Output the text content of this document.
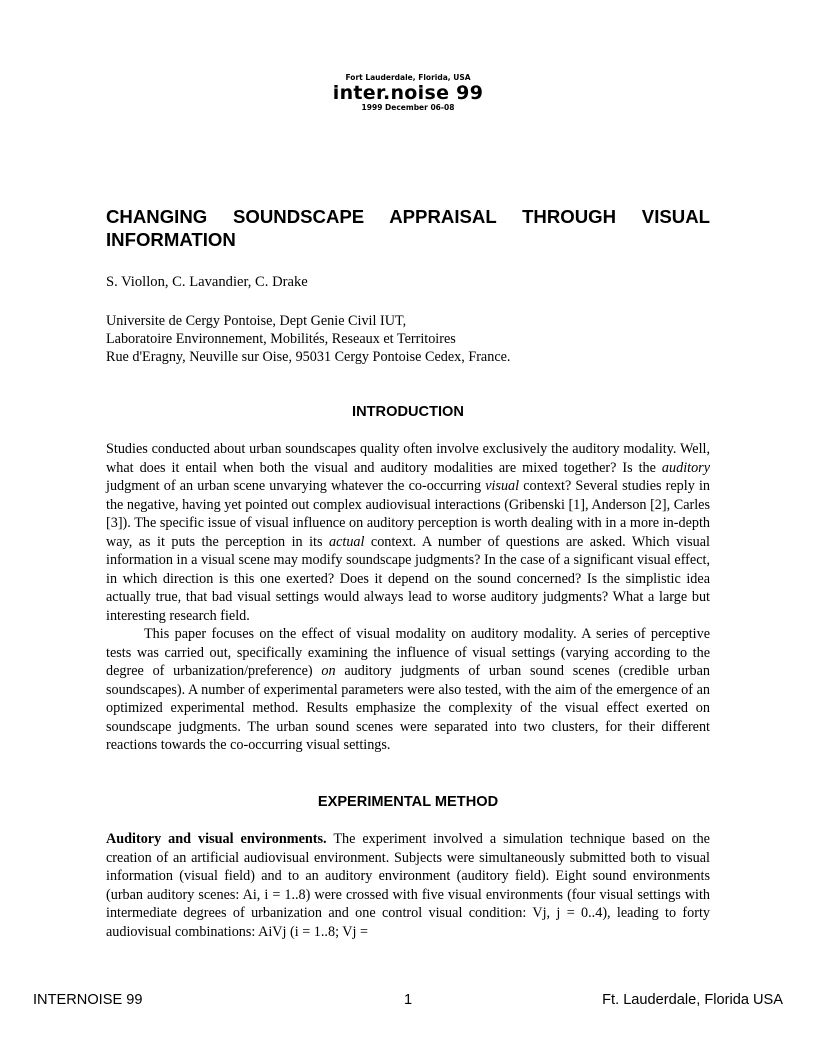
Fort Lauderdale, Florida, USA
inter.noise 99
1999 December 06-08
CHANGING SOUNDSCAPE APPRAISAL THROUGH VISUAL INFORMATION

S. Viollon, C. Lavandier, C. Drake

Universite de Cergy Pontoise, Dept Genie Civil IUT,
Laboratoire Environnement, Mobilités, Reseaux et Territoires
Rue d'Eragny, Neuville sur Oise, 95031 Cergy Pontoise Cedex, France.
INTRODUCTION

Studies conducted about urban soundscapes quality often involve exclusively the auditory modality. Well, what does it entail when both the visual and auditory modalities are mixed together? Is the auditory judgment of an urban scene unvarying whatever the co-occurring visual context? Several studies reply in the negative, having yet pointed out complex audiovisual interactions (Gribenski [1], Anderson [2], Carles [3]). The specific issue of visual influence on auditory perception is worth dealing with in a more in-depth way, as it puts the perception in its actual context. A number of questions are asked. Which visual information in a visual scene may modify soundscape judgments? In the case of a significant visual effect, in which direction is this one exerted? Does it depend on the sound concerned? Is the simplistic idea actually true, that bad visual settings would always lead to worse auditory judgments? What a large but interesting research field.

This paper focuses on the effect of visual modality on auditory modality. A series of perceptive tests was carried out, specifically examining the influence of visual settings (varying according to the degree of urbanization/preference) on auditory judgments of urban sound scenes (credible urban soundscapes). A number of experimental parameters were also tested, with the aim of the emergence of an optimized experimental method. Results emphasize the complexity of the visual effect exerted on soundscape judgments. The urban sound scenes were separated into two clusters, for their different reactions towards the co-occurring visual settings.

EXPERIMENTAL METHOD

Auditory and visual environments. The experiment involved a simulation technique based on the creation of an artificial audiovisual environment. Subjects were simultaneously submitted both to visual information (visual field) and to an auditory environment (auditory field). Eight sound environments (urban auditory scenes: Ai, i = 1..8) were crossed with five visual environments (four visual settings with intermediate degrees of urbanization and one control visual condition: Vj, j = 0..4), leading to forty audiovisual combinations: AiVj (i = 1..8; Vj =

INTERNOISE 99	1	Ft. Lauderdale, Florida USA
